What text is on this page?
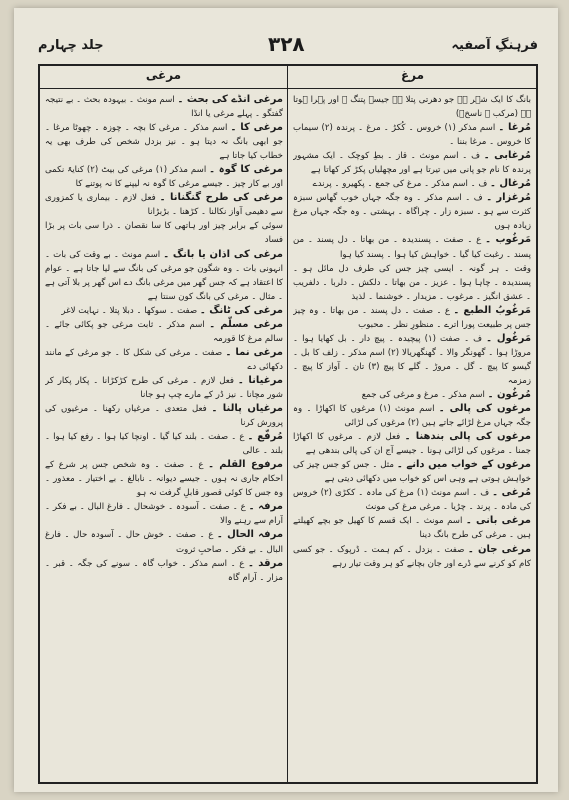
فرہنگِ آصفیہ
۳۲۸
جلد چہارم
مرغ
مرغی

بانگ کا ایک شہر ہے جو دھرتی پتلا ہے جیسے پتنگ ۔ اور پہرا ہوتا ہے (مرکب ۔ ناسخؔ)

مُرغا ۔ اسم مذکر (۱) خروس ۔ کُکڑ ۔ مرغ ۔ پرندہ (۲) سیماب کا خروس ۔ مرغا بننا ۔

مُرغابی ۔ ف ۔ اسم مونث ۔ قاز ۔ بطِ کوچک ۔ ایک مشہور پرندہ کا نام جو پانی میں تیرتا ہے اور مچھلیاں پکڑ کر کھاتا ہے

مُرغال ۔ ف ۔ اسم مذکر ۔ مرغ کی جمع ۔ پکھیرو ۔ پرندے

مُرغزار ۔ ف ۔ اسم مذکر ۔ وہ جگہ جہاں خوب گھاس سبزہ کثرت سے ہو ۔ سبزہ زار ۔ چراگاہ ۔ بہشتی ۔ وہ جگہ جہاں مرغ زیادہ ہوں

مَرغُوب ۔ ع ۔ صفت ۔ پسندیدہ ۔ من بھاتا ۔ دل پسند ۔ من پسند ۔ رغبت کیا گیا ۔ خواہش کیا ہوا ۔ پسند کیا ہوا

وقت ۔ ہر گونہ ۔ ایسی چیز جس کی طرف دل مائل ہو ۔ پسندیدہ ۔ چاہا ہوا ۔ عزیز ۔ من بھاتا ۔ دلکش ۔ دلربا ۔ دلفریب ۔ عشق انگیز ۔ مرغوب ۔ مزیدار ۔ خوشنما ۔ لذیذ

مَرغُوبُ الطبع ۔ ع ۔ صفت ۔ دل پسند ۔ من بھاتا ۔ وہ چیز جس پر طبیعت پورا اترے ۔ منظورِ نظر ۔ محبوب

مَرغُول ۔ ف ۔ صفت (۱) پیچیدہ ۔ پیچ دار ۔ بل کھایا ہوا ۔ مروڑا ہوا ۔ گھونگر والا ۔ گھنگھریالا (۲) اسم مذکر ۔ زلف کا بل ۔ گیسو کا پیچ ۔ گل ۔ مروڑ ۔ گلے کا پیچ (۳) تان ۔ آواز کا پیچ ۔ زمزمہ

مُرغُون ۔ اسم مذکر ۔ مرغ و مرغی کی جمع

مرغوں کی پالی ۔ اسم مونث (۱) مرغوں کا اکھاڑا ۔ وہ جگہ جہاں مرغ لڑائے جاتے ہیں (۲) مرغوں کی لڑائی

مرغوں کی پالی بندھنا ۔ فعل لازم ۔ مرغوں کا اکھاڑا جمنا ۔ مرغوں کی لڑائی ہونا ۔ جیسے آج ان کی پالی بندھی ہے

مرغوں کے خواب میں دانے ۔ مثل ۔ جس کو جس چیز کی خواہش ہوتی ہے وہی اس کو خواب میں دکھائی دیتی ہے

مُرغی ۔ ف ۔ اسم مونث (۱) مرغ کی مادہ ۔ ککڑی (۲) خروس کی مادہ ۔ پرند ۔ چڑیا ۔ مرغی مرغ کی مونث

مرغی بانی ۔ اسم مونث ۔ ایک قسم کا کھیل جو بچے کھیلتے ہیں ۔ مرغی کی طرح بانگ دینا

مرغی جان ۔ صفت ۔ بزدل ۔ کم ہمت ۔ ڈرپوک ۔ جو کسی کام کو کرنے سے ڈرے اور جان بچانے کو ہر وقت تیار رہے

مرغی انڈے کی بحث ۔ اسم مونث ۔ بیہودہ بحث ۔ بے نتیجہ گفتگو ۔ پہلے مرغی یا انڈا

مرغی کا ۔ اسم مذکر ۔ مرغی کا بچہ ۔ چوزہ ۔ چھوٹا مرغا ۔ جو ابھی بانگ نہ دیتا ہو ۔ نیز بزدل شخص کی طرف بھی یہ خطاب کیا جاتا ہے

مرغی کا گوہ ۔ اسم مذکر (۱) مرغی کی بیٹ (۲) کنایۃً نکمی اور بے کار چیز ۔ جیسے مرغی کا گوہ نہ لیپنے کا نہ پوتنے کا

مرغی کی طرح گنگنانا ۔ فعل لازم ۔ بیماری یا کمزوری سے دھیمی آواز نکالنا ۔ کڑھنا ۔ بڑبڑانا

سوئی کے برابر چیز اور ہاتھی کا سا نقصان ۔ ذرا سی بات پر بڑا فساد

مرغی کی اذان یا بانگ ۔ اسم مونث ۔ بے وقت کی بات ۔ انہونی بات ۔ وہ شگون جو مرغی کی بانگ سے لیا جاتا ہے ۔ عوام کا اعتقاد ہے کہ جس گھر میں مرغی بانگ دے اس گھر پر بلا آتی ہے ۔ مثال ۔ مرغی کی بانگ کون سنتا ہے

مرغی کی ٹانگ ۔ صفت ۔ سوکھا ۔ دبلا پتلا ۔ نہایت لاغر

مرغی مسلّم ۔ اسم مذکر ۔ ثابت مرغی جو پکائی جائے ۔ سالم مرغ کا قورمہ

مرغی نما ۔ صفت ۔ مرغی کی شکل کا ۔ جو مرغی کے مانند دکھائی دے

مرغیانا ۔ فعل لازم ۔ مرغی کی طرح کڑکڑانا ۔ پکار پکار کر شور مچانا ۔ نیز ڈر کے مارے چپ ہو جانا

مرغیاں پالنا ۔ فعل متعدی ۔ مرغیاں رکھنا ۔ مرغیوں کی پرورش کرنا

مُرفّع ۔ ع ۔ صفت ۔ بلند کیا گیا ۔ اونچا کیا ہوا ۔ رفع کیا ہوا ۔ بلند ۔ عالی

مرفوع القلم ۔ ع ۔ صفت ۔ وہ شخص جس پر شرع کے احکام جاری نہ ہوں ۔ جیسے دیوانہ ۔ نابالغ ۔ بے اختیار ۔ معذور ۔ وہ جس کا کوئی قصور قابلِ گرفت نہ ہو

مرفہ ۔ ع ۔ صفت ۔ آسودہ ۔ خوشحال ۔ فارغ البال ۔ بے فکر ۔ آرام سے رہنے والا

مرفہ الحال ۔ ع ۔ صفت ۔ خوش حال ۔ آسودہ حال ۔ فارغ البال ۔ بے فکر ۔ صاحبِ ثروت

مرقد ۔ ع ۔ اسم مذکر ۔ خواب گاہ ۔ سونے کی جگہ ۔ قبر ۔ مزار ۔ آرام گاہ
